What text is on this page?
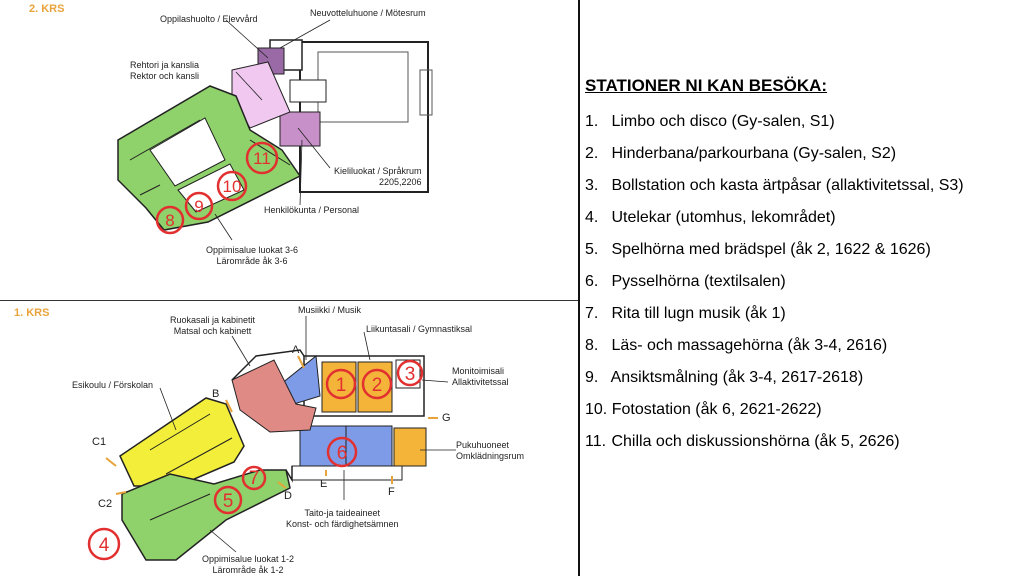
8
9
10
11
1 2
3
4
5
6
7
2. KRS
Oppilashuolto / Elevvård
Neuvotteluhuone / Mötesrum
Rehtori ja kanslia
Rektor och kansli
Kieliluokat / Språkrum
2205,2206
Henkilökunta / Personal
Oppimisalue luokat 3-6
Lärområde åk 3-6
1. KRS	Musiikki / Musik
Ruokasali ja kabinetit
Matsal och kabinett	Liikuntasali / Gymnastiksal
Monitoimisali
Allaktivitetssal
Esikoulu / Förskolan
Pukuhuoneet
Omklädningsrum
Taito-ja taideaineet
Konst- och färdighetsämnen
Oppimisalue luokat 1-2
Lärområde åk 1-2
A
B
C1
C2
D
E
F
G
STATIONER NI KAN BESÖKA:
1. Limbo och disco (Gy-salen, S1)
2. Hinderbana/parkourbana (Gy-salen, S2)
3. Bollstation och kasta ärtpåsar (allaktivitetssal, S3)
4. Utelekar (utomhus, lekområdet)
5. Spelhörna med brädspel (åk 2, 1622 & 1626)
6. Pysselhörna (textilsalen)
7. Rita till lugn musik (åk 1)
8. Läs- och massagehörna (åk 3-4, 2616)
9. Ansiktsmålning (åk 3-4, 2617-2618)
10. Fotostation (åk 6, 2621-2622)
11. Chilla och diskussionshörna (åk 5, 2626)
